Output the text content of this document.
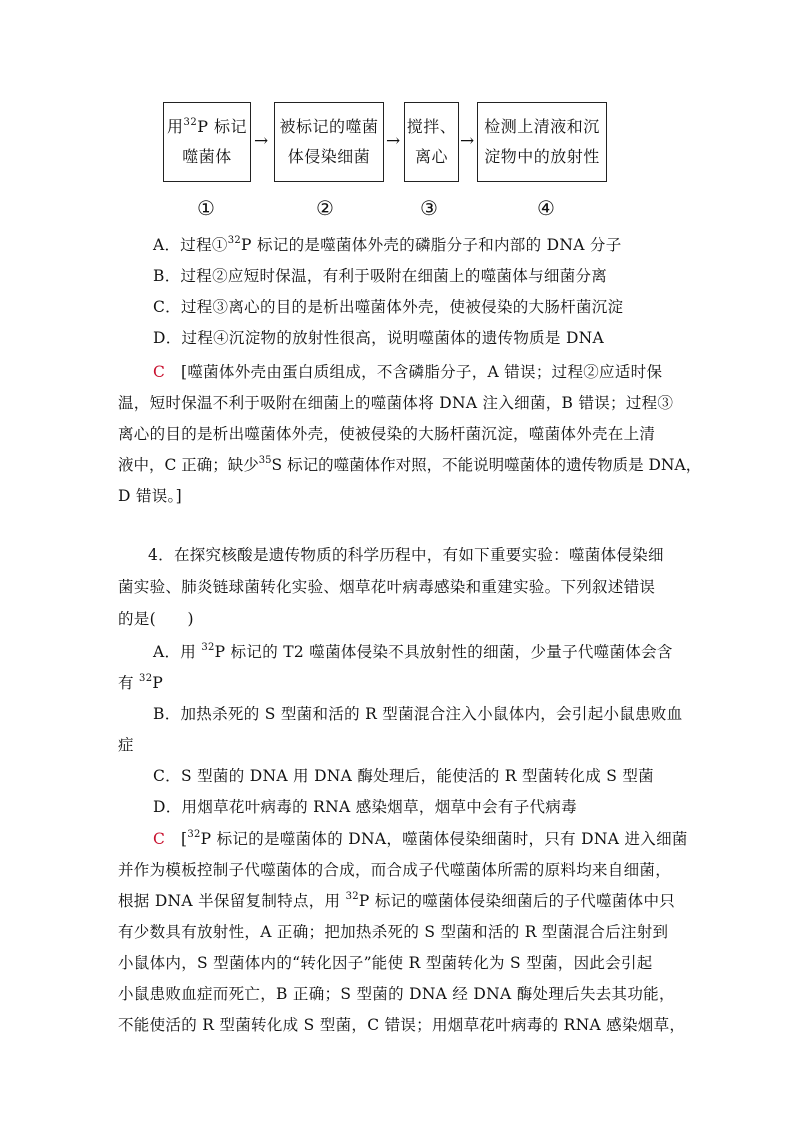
用$^{32}$P 标记
噬菌体
→
被标记的噬菌
体侵染细菌
→
搅拌、
离心
→
检测上清液和沉
淀物中的放射性
①	②	③	④
A．过程①$^{32}$P 标记的是噬菌体外壳的磷脂分子和内部的 DNA 分子
B．过程②应短时保温，有利于吸附在细菌上的噬菌体与细菌分离
C．过程③离心的目的是析出噬菌体外壳，使被侵染的大肠杆菌沉淀
D．过程④沉淀物的放射性很高，说明噬菌体的遗传物质是 DNA
C　 [噬菌体外壳由蛋白质组成，不含磷脂分子，A 错误；过程②应适时保
温，短时保温不利于吸附在细菌上的噬菌体将 DNA 注入细菌，B 错误；过程③
离心的目的是析出噬菌体外壳，使被侵染的大肠杆菌沉淀，噬菌体外壳在上清
液中，C 正确；缺少$^{35}$S 标记的噬菌体作对照，不能说明噬菌体的遗传物质是 DNA，
D 错误。]
4．在探究核酸是遗传物质的科学历程中，有如下重要实验：噬菌体侵染细
菌实验、肺炎链球菌转化实验、烟草花叶病毒感染和重建实验。下列叙述错误
的是(　　)
A．用 $^{32}$P 标记的 T2 噬菌体侵染不具放射性的细菌，少量子代噬菌体会含
有 $^{32}$P
B．加热杀死的 S 型菌和活的 R 型菌混合注入小鼠体内，会引起小鼠患败血
症
C．S 型菌的 DNA 用 DNA 酶处理后，能使活的 R 型菌转化成 S 型菌
D．用烟草花叶病毒的 RNA 感染烟草，烟草中会有子代病毒
C　 [$^{32}$P 标记的是噬菌体的 DNA，噬菌体侵染细菌时，只有 DNA 进入细菌
并作为模板控制子代噬菌体的合成，而合成子代噬菌体所需的原料均来自细菌，
根据 DNA 半保留复制特点，用 $^{32}$P 标记的噬菌体侵染细菌后的子代噬菌体中只
有少数具有放射性，A 正确；把加热杀死的 S 型菌和活的 R 型菌混合后注射到
小鼠体内，S 型菌体内的“转化因子”能使 R 型菌转化为 S 型菌，因此会引起
小鼠患败血症而死亡，B 正确；S 型菌的 DNA 经 DNA 酶处理后失去其功能，
不能使活的 R 型菌转化成 S 型菌，C 错误；用烟草花叶病毒的 RNA 感染烟草，
